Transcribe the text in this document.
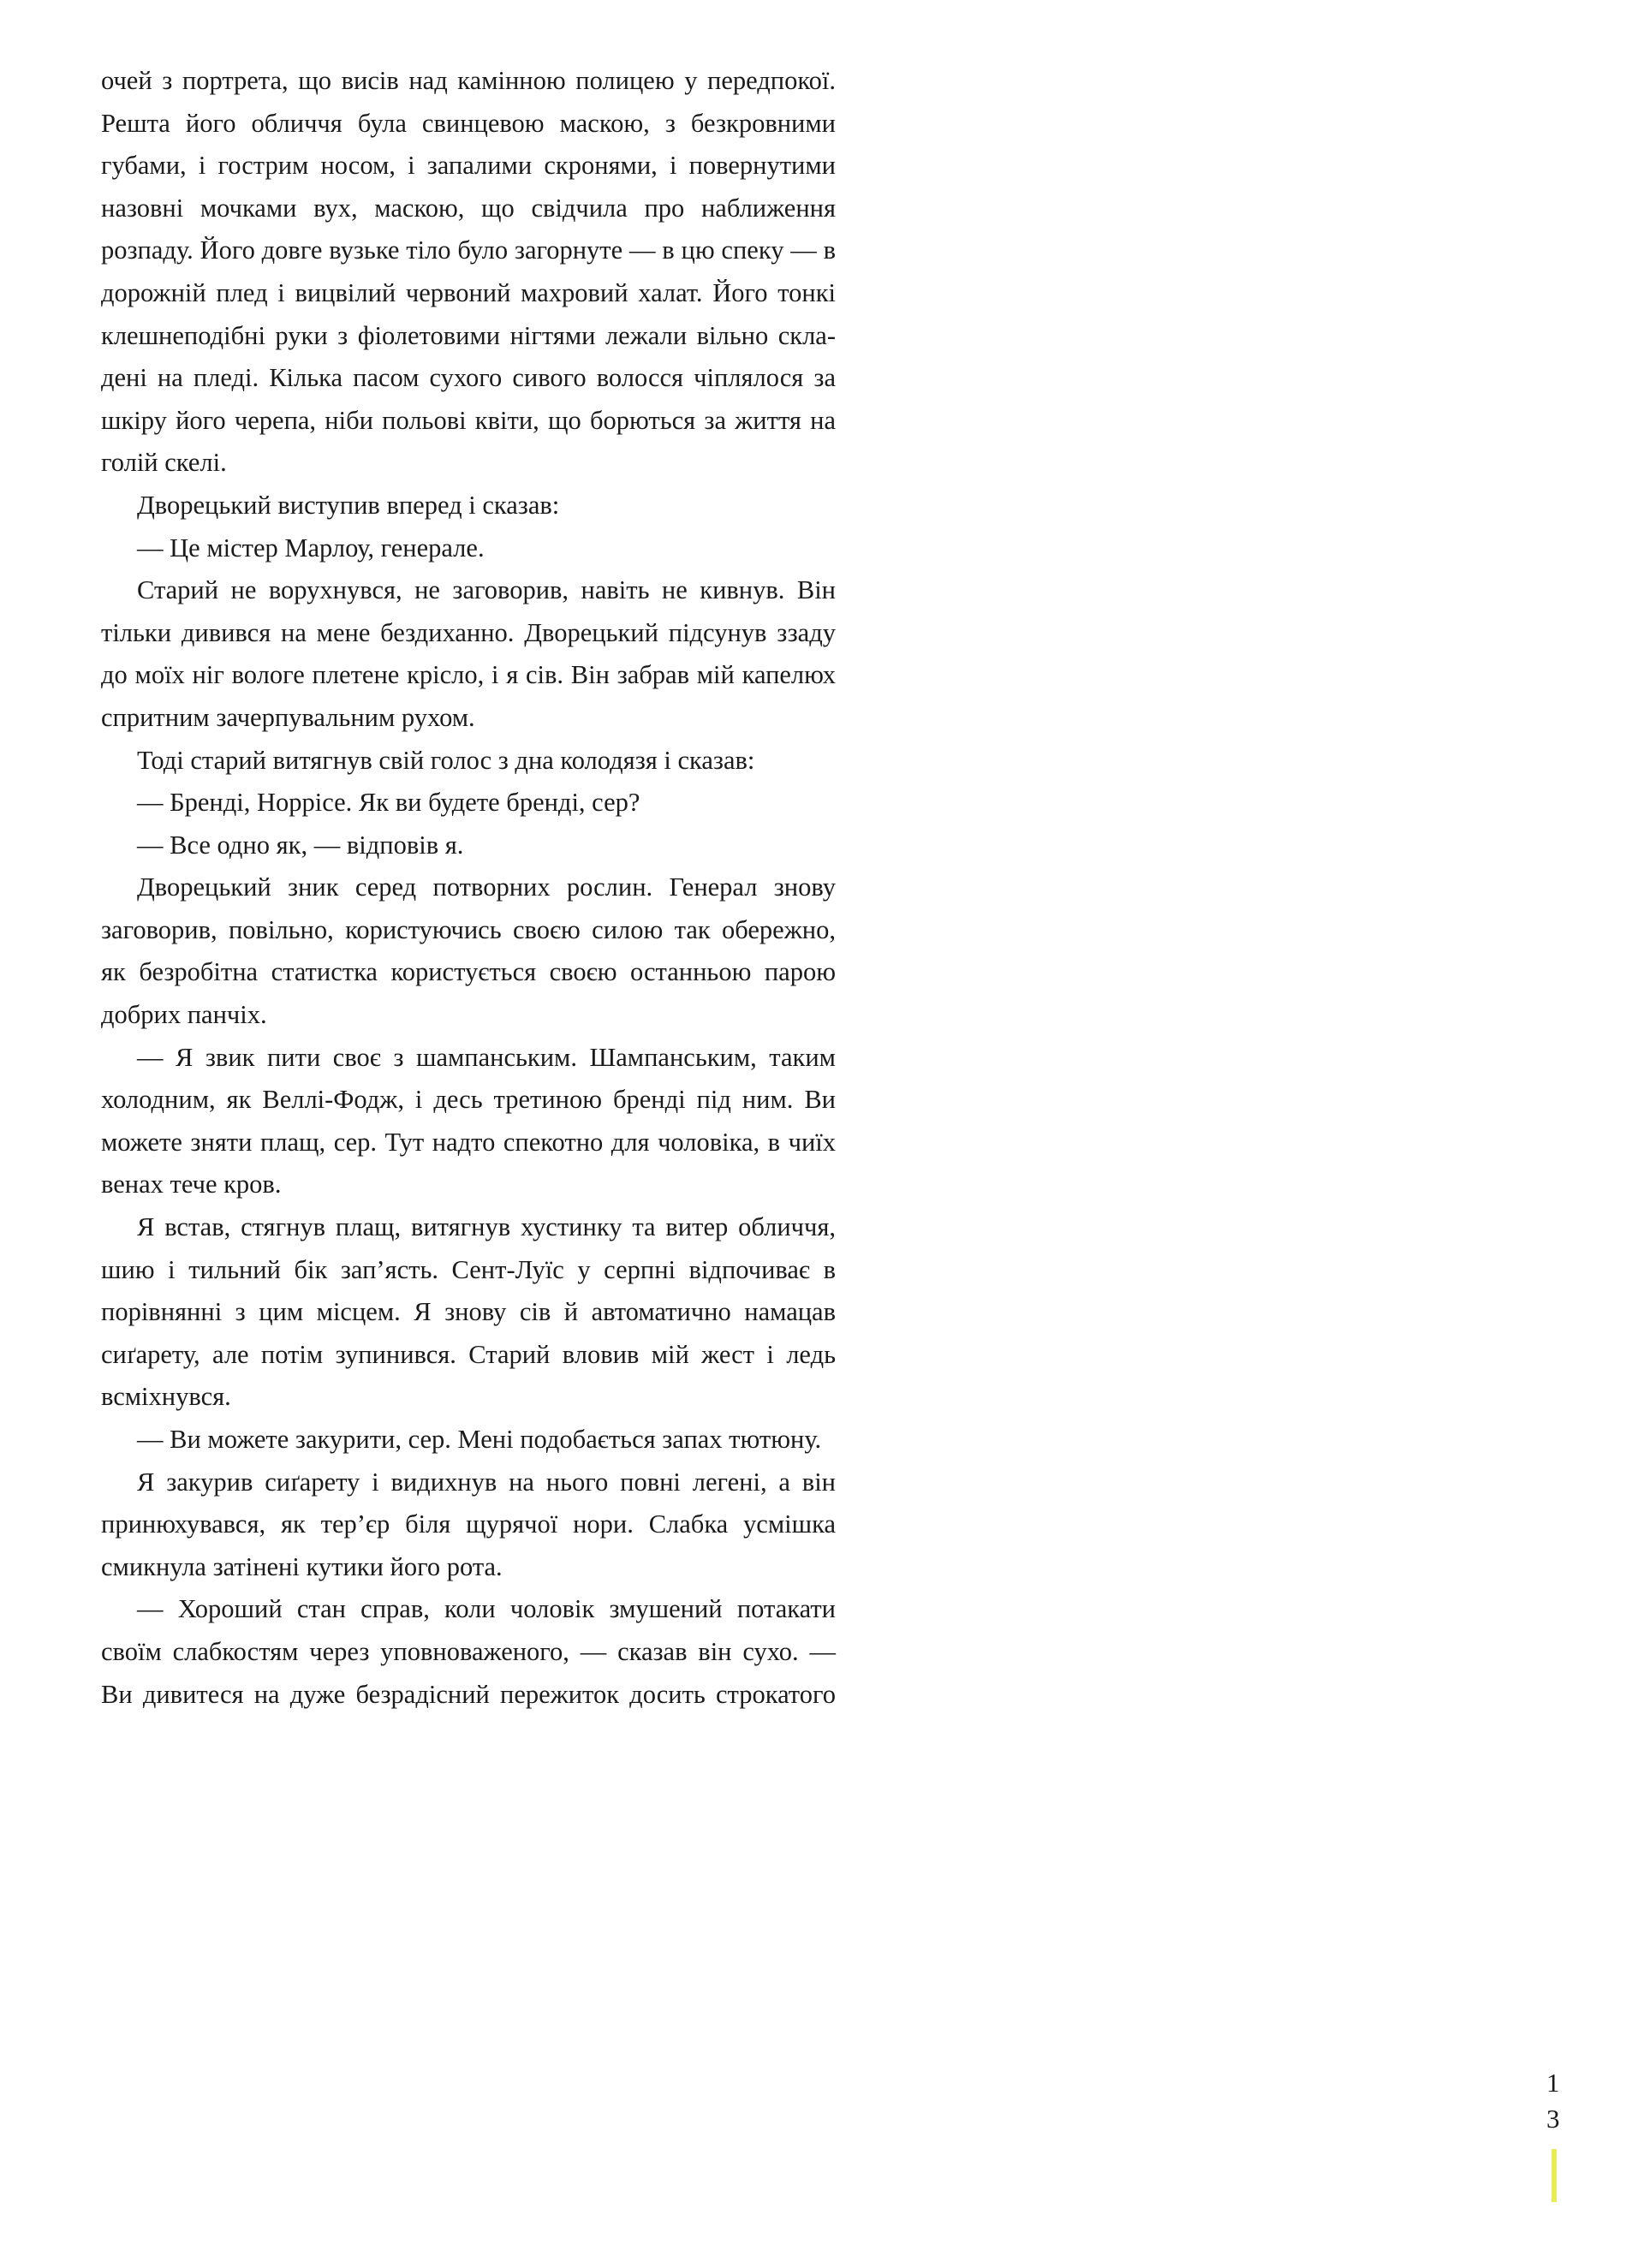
очей з портрета, що висів над камінною полицею у передпокої. Решта його обличчя була свинцевою маскою, з безкровними губами, і гострим носом, і запалими скронями, і повернутими назовні мочками вух, маскою, що свідчила про наближення розпаду. Його довге вузьке тіло було загорнуте — в цю спеку — в дорожній плед і вицвілий червоний махровий халат. Його тонкі клешнеподібні руки з фіолетовими нігтями лежали вільно складені на пледі. Кілька пасом сухого сивого волосся чіплялося за шкіру його черепа, ніби польові квіти, що борються за життя на голій скелі.

Дворецький виступив вперед і сказав:

— Це містер Марлоу, генерале.

Старий не ворухнувся, не заговорив, навіть не кивнув. Він тільки дивився на мене бездиханно. Дворецький підсунув ззаду до моїх ніг вологе плетене крісло, і я сів. Він забрав мій капелюх спритним зачерпувальним рухом.

Тоді старий витягнув свій голос з дна колодязя і сказав:

— Бренді, Норрісе. Як ви будете бренді, сер?

— Все одно як, — відповів я.

Дворецький зник серед потворних рослин. Генерал знову заговорив, повільно, користуючись своєю силою так обережно, як безробітна статистка користується своєю останньою парою добрих панчіх.

— Я звик пити своє з шампанським. Шампанським, таким холодним, як Веллі-Фодж, і десь третиною бренді під ним. Ви можете зняти плащ, сер. Тут надто спекотно для чоловіка, в чиїх венах тече кров.

Я встав, стягнув плащ, витягнув хустинку та витер обличчя, шию і тильний бік зап’ясть. Сент-Луїс у серпні відпочиває в порівнянні з цим місцем. Я знову сів й автоматично намацав сиґарету, але потім зупинився. Старий вловив мій жест і ледь всміхнувся.

— Ви можете закурити, сер. Мені подобається запах тютюну.

Я закурив сиґарету і видихнув на нього повні легені, а він принюхувався, як тер’єр біля щурячої нори. Слабка усмішка смикнула затінені кутики його рота.

— Хороший стан справ, коли чоловік змушений потакати своїм слабкостям через уповноваженого, — сказав він сухо. — Ви дивитеся на дуже безрадісний пережиток досить строкатого

1
3
